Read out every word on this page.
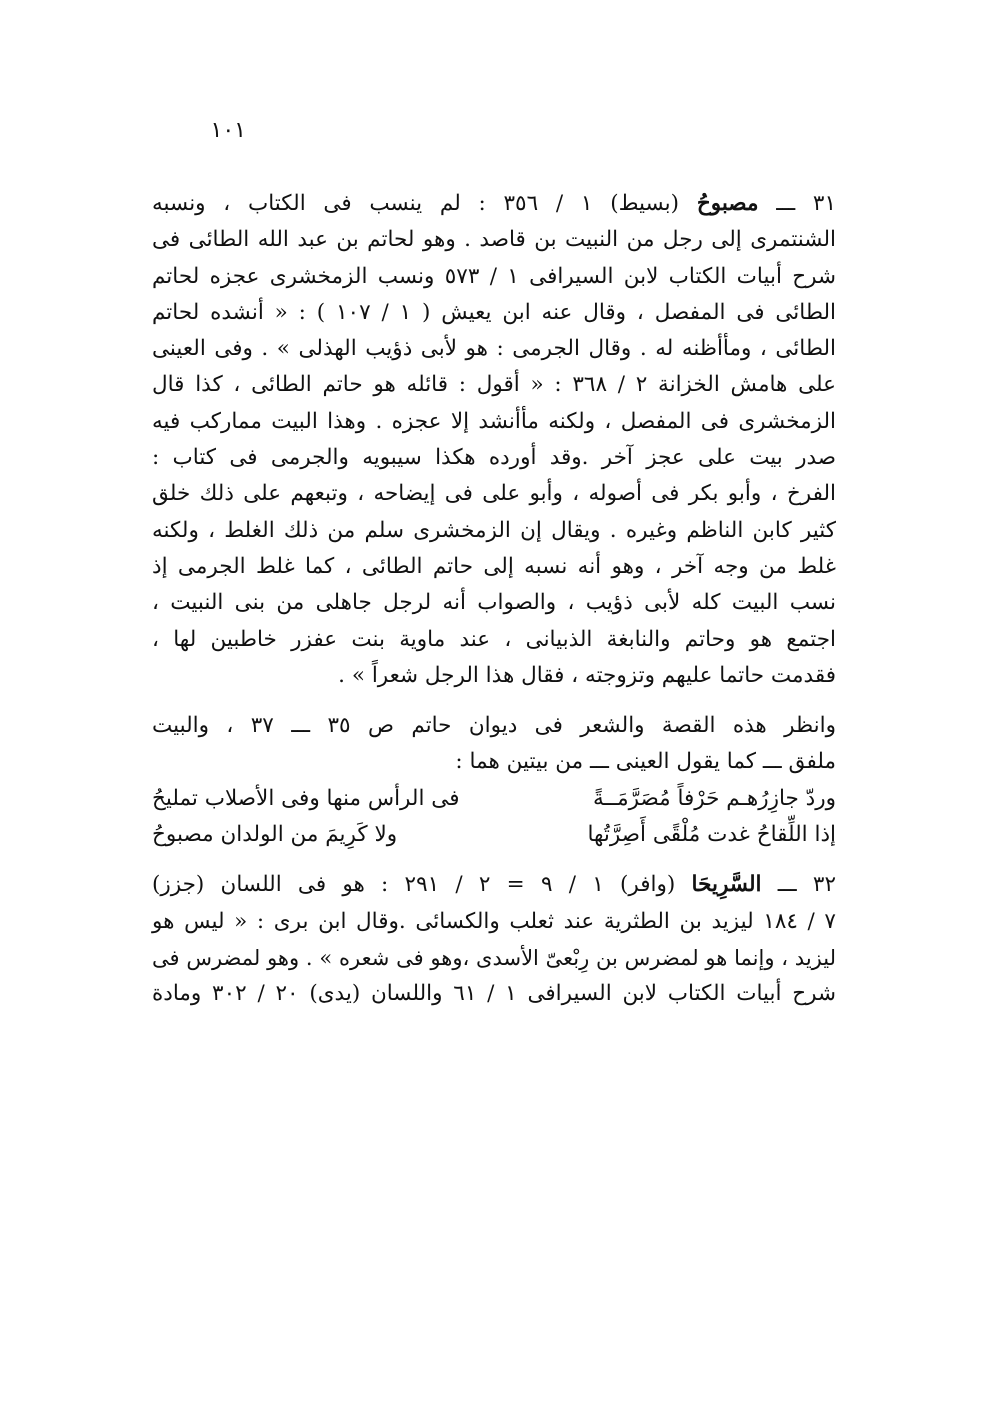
١٠١
٣١ ـــ مصبوحُ (بسيط) ١ / ٣٥٦ : لم ينسب فى الكتاب ، ونسبه
الشنتمرى إلى رجل من النبيت بن قاصد . وهو لحاتم بن عبد الله الطائى فى
شرح أبيات الكتاب لابن السيرافى ١ / ٥٧٣ ونسب الزمخشرى عجزه لحاتم
الطائى فى المفصل ، وقال عنه ابن يعيش ( ١ / ١٠٧ ) : « أنشده لحاتم
الطائى ، ومأأظنه له . وقال الجرمى : هو لأبى ذؤيب الهذلى » . وفى العينى
على هامش الخزانة ٢ / ٣٦٨ : « أقول : قائله هو حاتم الطائى ، كذا قال
الزمخشرى فى المفصل ، ولكنه مأأنشد إلا عجزه . وهذا البيت مماركب فيه
صدر بيت على عجز آخر .وقد أورده هكذا سيبويه والجرمى فى كتاب :
الفرخ ، وأبو بكر فى أصوله ، وأبو على فى إيضاحه ، وتبعهم على ذلك خلق
كثير كابن الناظم وغيره . ويقال إن الزمخشرى سلم من ذلك الغلط ، ولكنه
غلط من وجه آخر ، وهو أنه نسبه إلى حاتم الطائى ، كما غلط الجرمى إذ
نسب البيت كله لأبى ذؤيب ، والصواب أنه لرجل جاهلى من بنى النبيت ،
اجتمع هو وحاتم والنابغة الذبيانى ، عند ماوية بنت عفزر خاطبين لها ،
فقدمت حاتما عليهم وتزوجته ، فقال هذا الرجل شعراً » .
وانظر هذه القصة والشعر فى ديوان حاتم ص ٣٥ ـــ ٣٧ ، والبيت
ملفق ـــ كما يقول العينى ـــ من بيتين هما :
وردّ جازِرُهـم حَرْفاً مُصَرَّمَــةً
فى الرأس منها وفى الأصلاب تمليحُ
إذا اللِّقاحُ غدت مُلْقًى أَصِرَّتُها
ولا كَرِيمَ من الولدان مصبوحُ
٣٢ ـــ السَّرِيحَا (وافر) ١ / ٩ = ٢ / ٢٩١ : هو فى اللسان (جزز)
٧ / ١٨٤ ليزيد بن الطثرية عند ثعلب والكسائى .وقال ابن برى : « ليس هو
ليزيد ، وإنما هو لمضرس بن رِبْعىّ الأسدى ،وهو فى شعره » . وهو لمضرس فى
شرح أبيات الكتاب لابن السيرافى ١ / ٦١ واللسان (يدى) ٢٠ / ٣٠٢ ومادة
